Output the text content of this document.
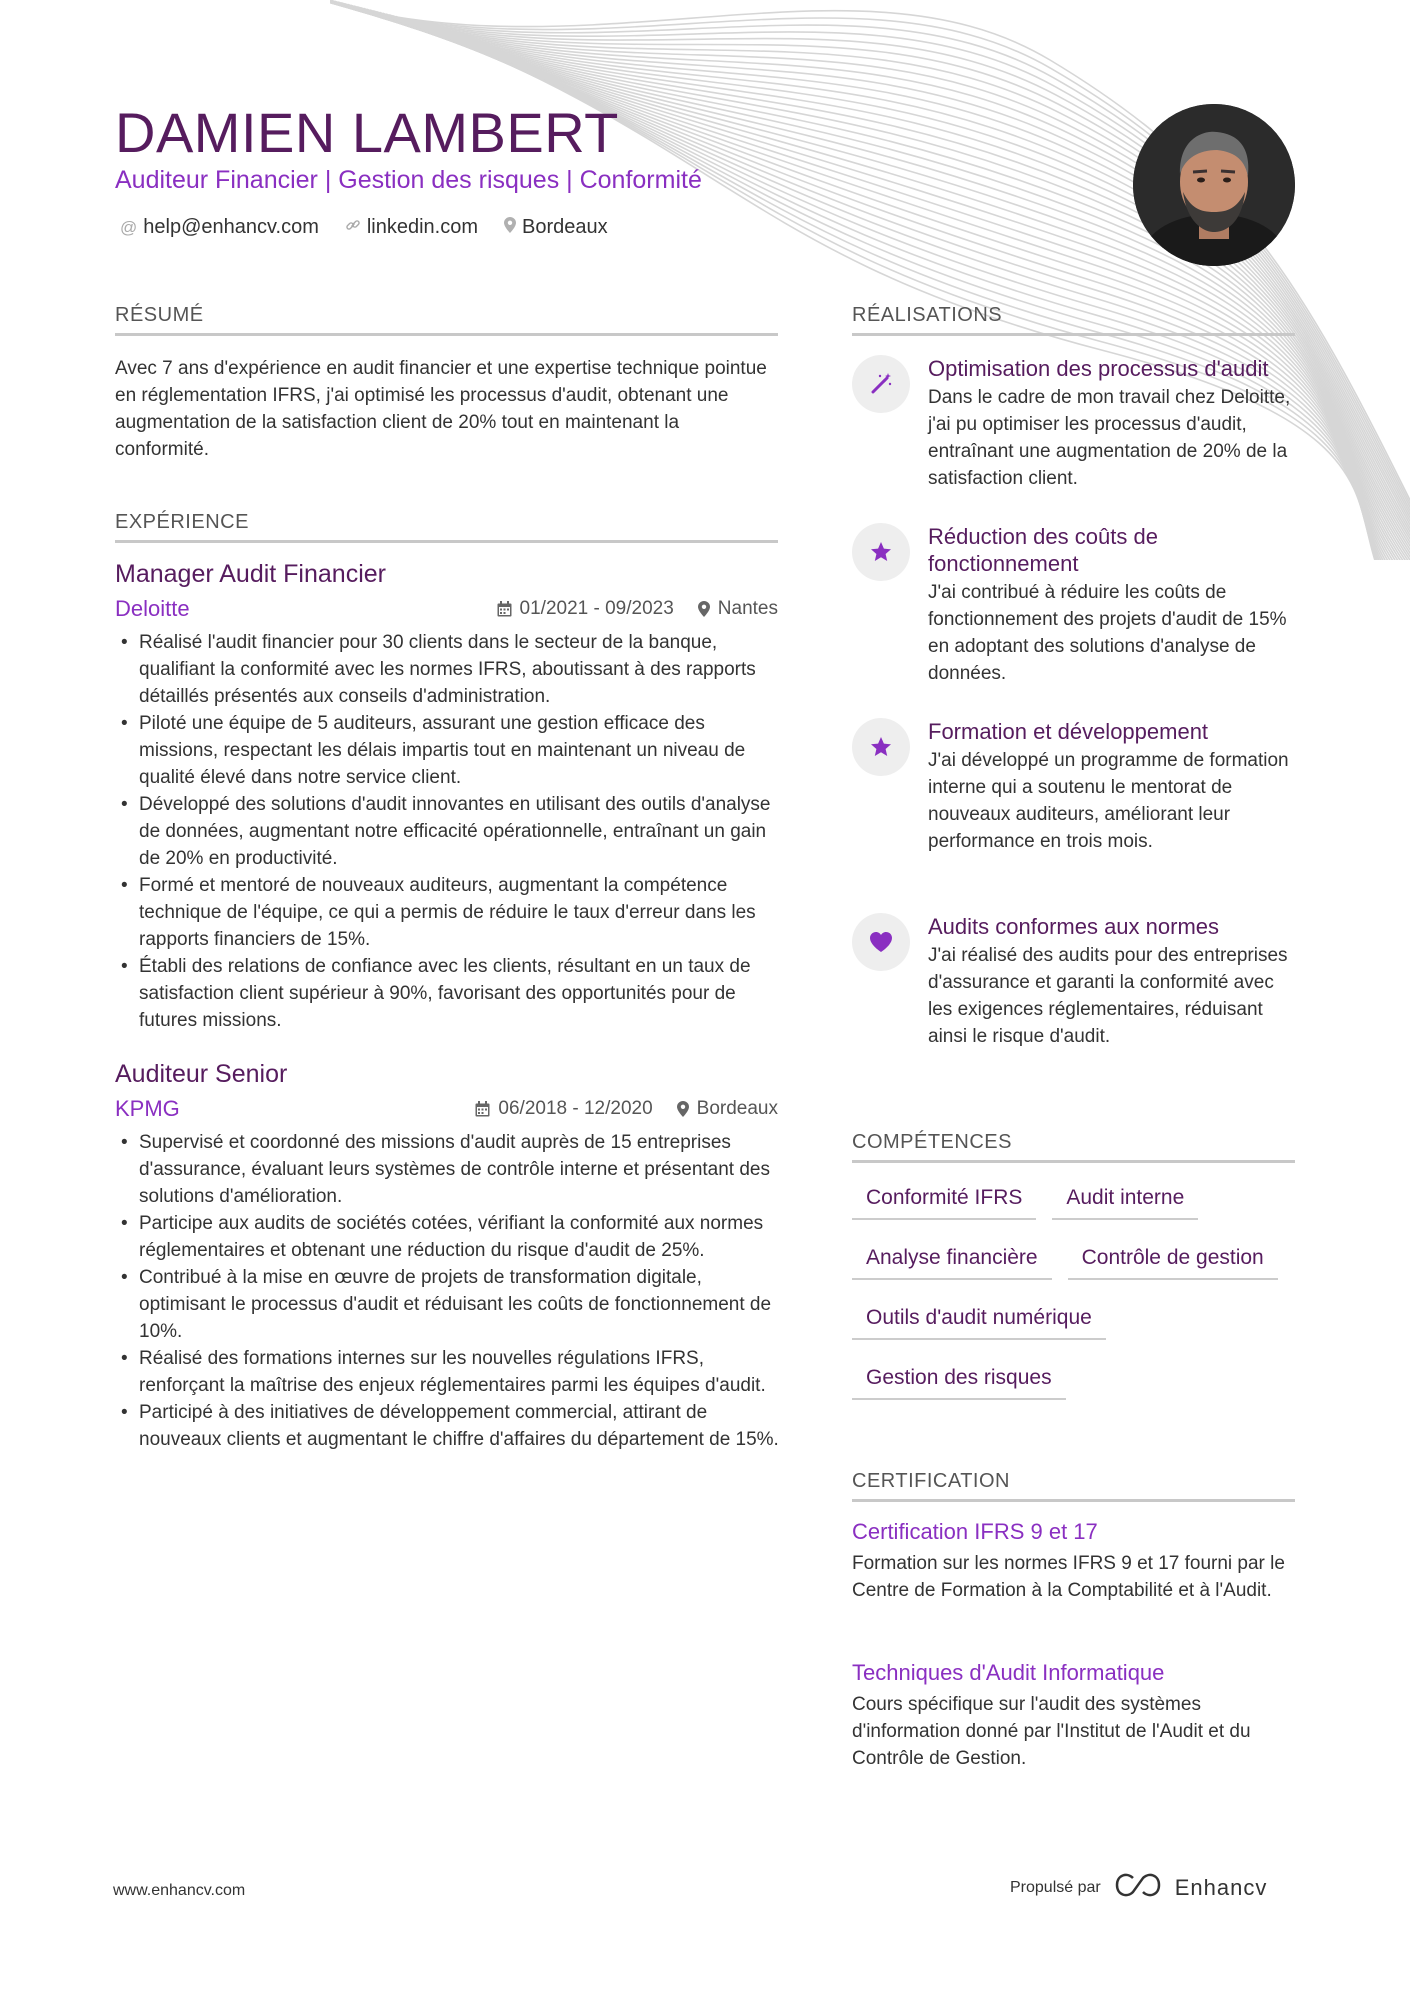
DAMIEN LAMBERT
Auditeur Financier | Gestion des risques | Conformité
@ help@enhancv.com linkedin.com Bordeaux
RÉSUMÉ
Avec 7 ans d'expérience en audit financier et une expertise technique pointue en réglementation IFRS, j'ai optimisé les processus d'audit, obtenant une augmentation de la satisfaction client de 20% tout en maintenant la conformité.
EXPÉRIENCE
Manager Audit Financier
Deloitte	01/2021 - 09/2023 Nantes
• Réalisé l'audit financier pour 30 clients dans le secteur de la banque, qualifiant la conformité avec les normes IFRS, aboutissant à des rapports détaillés présentés aux conseils d'administration.
• Piloté une équipe de 5 auditeurs, assurant une gestion efficace des missions, respectant les délais impartis tout en maintenant un niveau de qualité élevé dans notre service client.
• Développé des solutions d'audit innovantes en utilisant des outils d'analyse de données, augmentant notre efficacité opérationnelle, entraînant un gain de 20% en productivité.
• Formé et mentoré de nouveaux auditeurs, augmentant la compétence technique de l'équipe, ce qui a permis de réduire le taux d'erreur dans les rapports financiers de 15%.
• Établi des relations de confiance avec les clients, résultant en un taux de satisfaction client supérieur à 90%, favorisant des opportunités pour de futures missions.
Auditeur Senior
KPMG	06/2018 - 12/2020 Bordeaux
• Supervisé et coordonné des missions d'audit auprès de 15 entreprises d'assurance, évaluant leurs systèmes de contrôle interne et présentant des solutions d'amélioration.
• Participe aux audits de sociétés cotées, vérifiant la conformité aux normes réglementaires et obtenant une réduction du risque d'audit de 25%.
• Contribué à la mise en œuvre de projets de transformation digitale, optimisant le processus d'audit et réduisant les coûts de fonctionnement de 10%.
• Réalisé des formations internes sur les nouvelles régulations IFRS, renforçant la maîtrise des enjeux réglementaires parmi les équipes d'audit.
• Participé à des initiatives de développement commercial, attirant de nouveaux clients et augmentant le chiffre d'affaires du département de 15%.
RÉALISATIONS
Optimisation des processus d'audit
Dans le cadre de mon travail chez Deloitte, j'ai pu optimiser les processus d'audit, entraînant une augmentation de 20% de la satisfaction client.
Réduction des coûts de fonctionnement
J'ai contribué à réduire les coûts de fonctionnement des projets d'audit de 15% en adoptant des solutions d'analyse de données.
Formation et développement
J'ai développé un programme de formation interne qui a soutenu le mentorat de nouveaux auditeurs, améliorant leur performance en trois mois.
Audits conformes aux normes
J'ai réalisé des audits pour des entreprises d'assurance et garanti la conformité avec les exigences réglementaires, réduisant ainsi le risque d'audit.
COMPÉTENCES
Conformité IFRS	Audit interne
Analyse financière	Contrôle de gestion
Outils d'audit numérique
Gestion des risques
CERTIFICATION
Certification IFRS 9 et 17
Formation sur les normes IFRS 9 et 17 fourni par le Centre de Formation à la Comptabilité et à l'Audit.
Techniques d'Audit Informatique
Cours spécifique sur l'audit des systèmes d'information donné par l'Institut de l'Audit et du Contrôle de Gestion.
www.enhancv.com	Propulsé par	Enhancv
